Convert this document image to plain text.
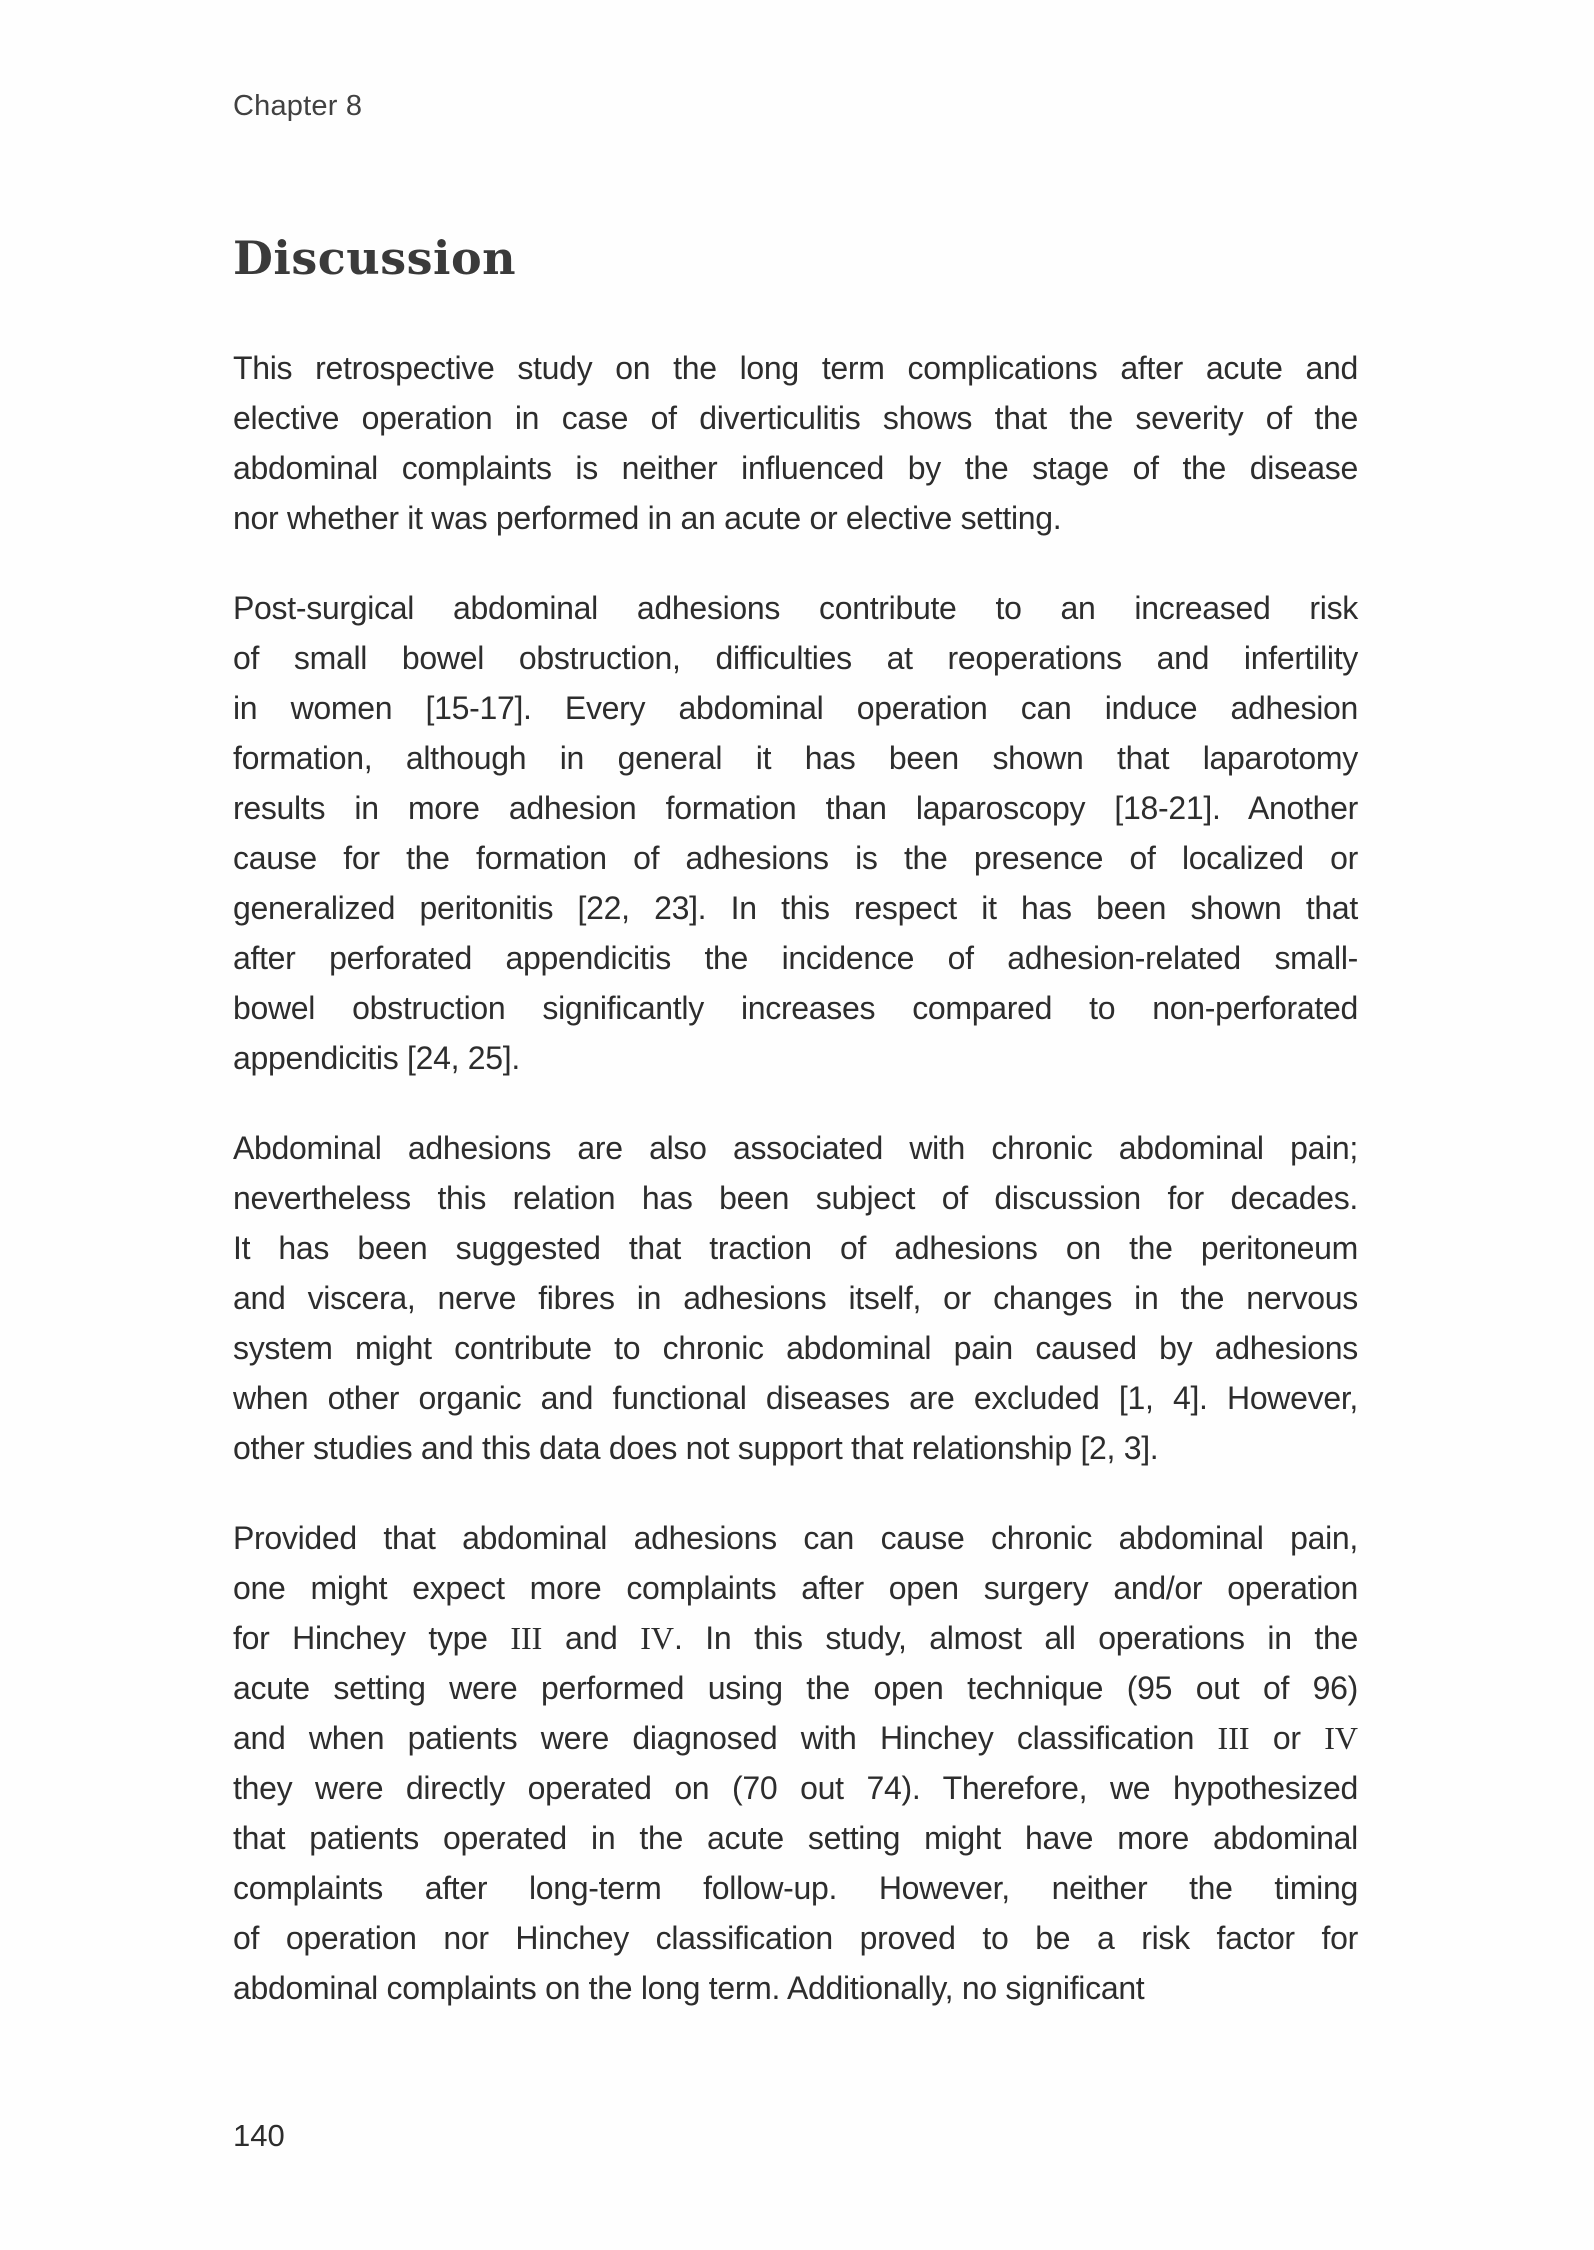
Chapter 8
Discussion
This retrospective study on the long term complications after acute and
elective operation in case of diverticulitis shows that the severity of the
abdominal complaints is neither influenced by the stage of the disease
nor whether it was performed in an acute or elective setting.
Post-surgical abdominal adhesions contribute to an increased risk
of small bowel obstruction, difficulties at reoperations and infertility
in women [15-17]. Every abdominal operation can induce adhesion
formation, although in general it has been shown that laparotomy
results in more adhesion formation than laparoscopy [18-21]. Another
cause for the formation of adhesions is the presence of localized or
generalized peritonitis [22, 23]. In this respect it has been shown that
after perforated appendicitis the incidence of adhesion-related small-
bowel obstruction significantly increases compared to non-perforated
appendicitis [24, 25].
Abdominal adhesions are also associated with chronic abdominal pain;
nevertheless this relation has been subject of discussion for decades.
It has been suggested that traction of adhesions on the peritoneum
and viscera, nerve fibres in adhesions itself, or changes in the nervous
system might contribute to chronic abdominal pain caused by adhesions
when other organic and functional diseases are excluded [1, 4]. However,
other studies and this data does not support that relationship [2, 3].
Provided that abdominal adhesions can cause chronic abdominal pain,
one might expect more complaints after open surgery and/or operation
for Hinchey type III and IV. In this study, almost all operations in the
acute setting were performed using the open technique (95 out of 96)
and when patients were diagnosed with Hinchey classification III or IV
they were directly operated on (70 out 74). Therefore, we hypothesized
that patients operated in the acute setting might have more abdominal
complaints after long-term follow-up. However, neither the timing
of operation nor Hinchey classification proved to be a risk factor for
abdominal complaints on the long term. Additionally, no significant
140
